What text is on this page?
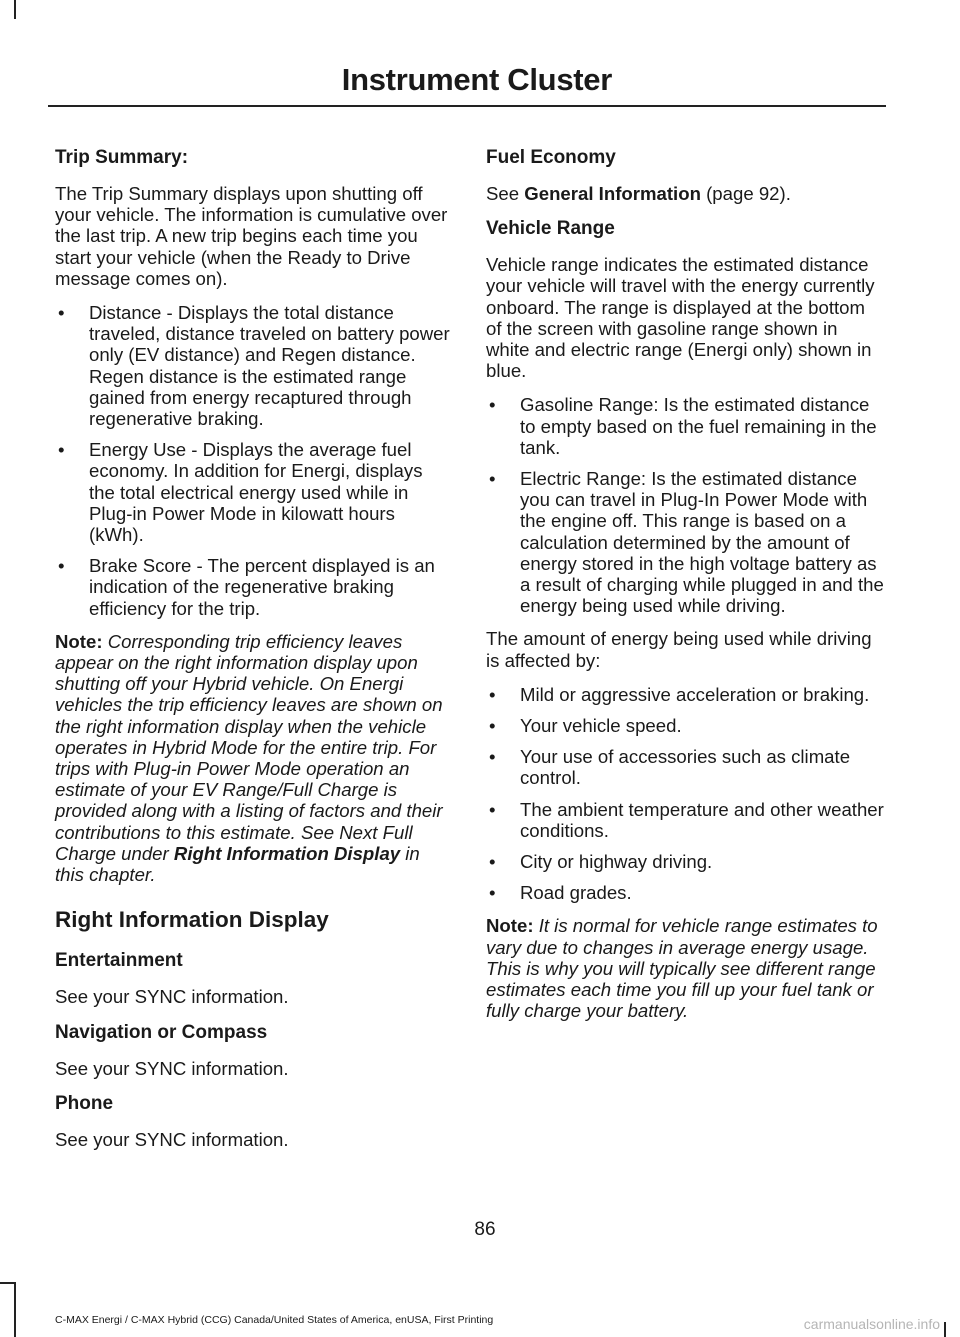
Instrument Cluster
Trip Summary:

The Trip Summary displays upon shutting off your vehicle. The information is cumulative over the last trip. A new trip begins each time you start your vehicle (when the Ready to Drive message comes on).

• Distance - Displays the total distance traveled, distance traveled on battery power only (EV distance) and Regen distance. Regen distance is the estimated range gained from energy recaptured through regenerative braking.
• Energy Use - Displays the average fuel economy. In addition for Energi, displays the total electrical energy used while in Plug-in Power Mode in kilowatt hours (kWh).
• Brake Score - The percent displayed is an indication of the regenerative braking efficiency for the trip.

Note: Corresponding trip efficiency leaves appear on the right information display upon shutting off your Hybrid vehicle. On Energi vehicles the trip efficiency leaves are shown on the right information display when the vehicle operates in Hybrid Mode for the entire trip. For trips with Plug-in Power Mode operation an estimate of your EV Range/Full Charge is provided along with a listing of factors and their contributions to this estimate. See Next Full Charge under Right Information Display in this chapter.

Right Information Display
Entertainment

See your SYNC information.

Navigation or Compass

See your SYNC information.

Phone

See your SYNC information.

Fuel Economy

See General Information (page 92).

Vehicle Range

Vehicle range indicates the estimated distance your vehicle will travel with the energy currently onboard. The range is displayed at the bottom of the screen with gasoline range shown in white and electric range (Energi only) shown in blue.

• Gasoline Range: Is the estimated distance to empty based on the fuel remaining in the tank.
• Electric Range: Is the estimated distance you can travel in Plug-In Power Mode with the engine off. This range is based on a calculation determined by the amount of energy stored in the high voltage battery as a result of charging while plugged in and the energy being used while driving.

The amount of energy being used while driving is affected by:

• Mild or aggressive acceleration or braking.
• Your vehicle speed.
• Your use of accessories such as climate control.
• The ambient temperature and other weather conditions.
• City or highway driving.
• Road grades.

Note: It is normal for vehicle range estimates to vary due to changes in average energy usage. This is why you will typically see different range estimates each time you fill up your fuel tank or fully charge your battery.

86
C-MAX Energi / C-MAX Hybrid (CCG) Canada/United States of America, enUSA, First Printing	carmanualsonline.info
